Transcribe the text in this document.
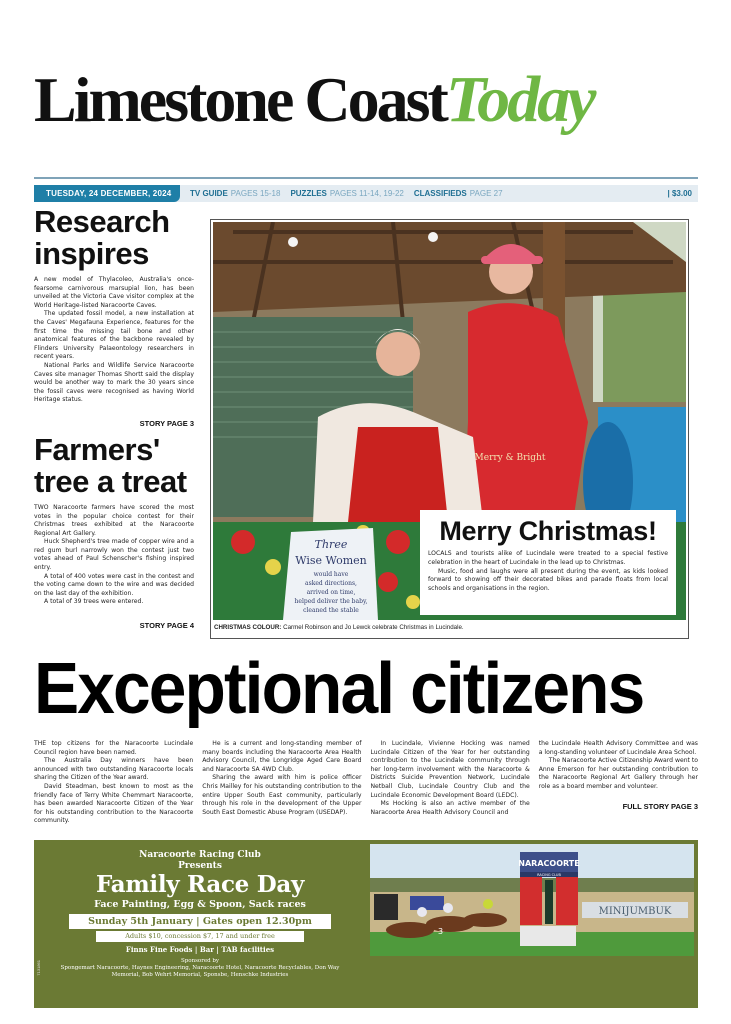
Limestone CoastToday
TUESDAY, 24 DECEMBER, 2024	TV GUIDE PAGES 15-18 PUZZLES PAGES 11-14, 19-22 CLASSIFIEDS PAGE 27	| $3.00
Research inspires

A new model of Thylacoleo, Australia's once-fearsome carnivorous marsupial lion, has been unveiled at the Victoria Cave visitor complex at the World Heritage-listed Naracoorte Caves.

The updated fossil model, a new installation at the Caves' Megafauna Experience, features for the first time the missing tail bone and other anatomical features of the backbone revealed by Flinders University Palaeontology researchers in recent years.

National Parks and Wildlife Service Naracoorte Caves site manager Thomas Shortt said the display would be another way to mark the 30 years since the fossil caves were recognised as having World Heritage status.

STORY PAGE 3
Farmers' tree a treat

TWO Naracoorte farmers have scored the most votes in the popular choice contest for their Christmas trees exhibited at the Naracoorte Regional Art Gallery.

Huck Shepherd's tree made of copper wire and a red gum burl narrowly won the contest just two votes ahead of Paul Schenscher's fishing inspired entry.

A total of 400 votes were cast in the contest and the voting came down to the wire and was decided on the last day of the exhibition.

A total of 39 trees were entered.

STORY PAGE 4
Merry & Bright
Three
Wise Women
would have
asked directions,
arrived on time,
helped deliver the baby,
cleaned the stable
CHRISTMAS COLOUR: Carmel Robinson and Jo Lewck celebrate Christmas in Lucindale.
Merry Christmas!

LOCALS and tourists alike of Lucindale were treated to a special festive celebration in the heart of Lucindale in the lead up to Christmas.

Music, food and laughs were all present during the event, as kids looked forward to showing off their decorated bikes and parade floats from local schools and organisations in the region.

Exceptional citizens

THE top citizens for the Naracoorte Lucindale Council region have been named.

The Australia Day winners have been announced with two outstanding Naracoorte locals sharing the Citizen of the Year award.

David Steadman, best known to most as the friendly face of Terry White Chemmart Naracoorte, has been awarded Naracoorte Citizen of the Year for his outstanding contribution to the Naracoorte community.

He is a current and long-standing member of many boards including the Naracoorte Area Health Advisory Council, the Longridge Aged Care Board and Naracoorte SA 4WD Club.

Sharing the award with him is police officer Chris Mailley for his outstanding contribution to the entire Upper South East community, particularly through his role in the development of the Upper South East Domestic Abuse Program (USEDAP).

In Lucindale, Vivienne Hocking was named Lucindale Citizen of the Year for her outstanding contribution to the Lucindale community through her long-term involvement with the Naracoorte & Districts Suicide Prevention Network, Lucindale Netball Club, Lucindale Country Club and the Lucindale Economic Development Board (LEDC).

Ms Hocking is also an active member of the Naracoorte Area Health Advisory Council and

the Lucindale Health Advisory Committee and was a long-standing volunteer of Lucindale Area School.

The Naracoorte Active Citizenship Award went to Anne Emerson for her outstanding contribution to the Naracoorte Regional Art Gallery through her role as a board member and volunteer.

FULL STORY PAGE 3
Naracoorte Racing Club
Presents
Family Race Day
Face Painting, Egg & Spoon, Sack races
Sunday 5th January | Gates open 12.30pm
Adults $10, concession $7, 17 and under free
Finns Fine Foods | Bar | TAB facilities
Sponsored by
Spongemart Naracoorte, Haynes Engineering, Naracoorte Hotel, Naracoorte Recyclables, Don Way Memorial, Bob Wehrt Memorial, Sponsbe, Henschke Industries
7131861
NARACOORTE
RACING CLUB
MINIJUMBUK
3
